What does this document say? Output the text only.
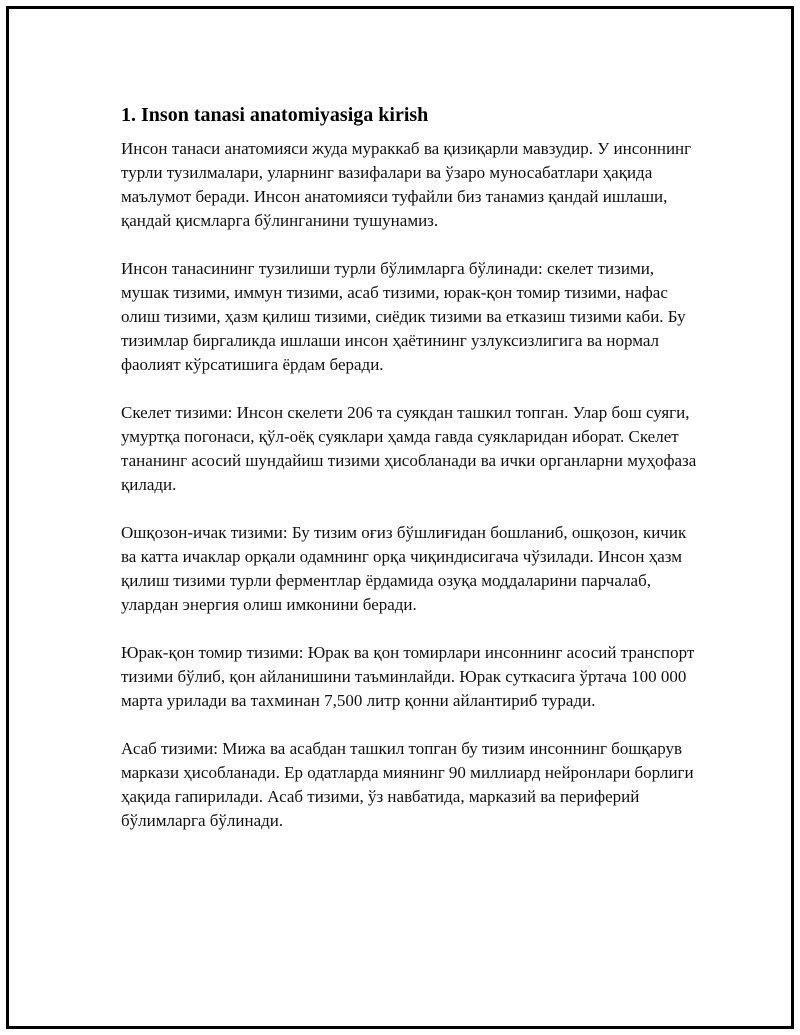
1. Inson tanasi anatomiyasiga kirish

Инсон танаси анатомияси жуда мураккаб ва қизиқарли мавзудир. У инсоннинг турли тузилмалари, уларнинг вазифалари ва ўзаро муносабатлари ҳақида маълумот беради. Инсон анатомияси туфайли биз танамиз қандай ишлаши, қандай қисмларга бўлинганини тушунамиз.

Инсон танасининг тузилиши турли бўлимларга бўлинади: скелет тизими, мушак тизими, иммун тизими, асаб тизими, юрак-қон томир тизими, нафас олиш тизими, ҳазм қилиш тизими, сиёдик тизими ва етказиш тизими каби. Бу тизимлар биргаликда ишлаши инсон ҳаётининг узлуксизлигига ва нормал фаолият кўрсатишига ёрдам беради.

Скелет тизими: Инсон скелети 206 та суякдан ташкил топган. Улар бош суяги, умуртқа погонаси, қўл-оёқ суяклари ҳамда гавда суякларидан иборат. Скелет тананинг асосий шундайиш тизими ҳисобланади ва ички органларни муҳофаза қилади.

Ошқозон-ичак тизими: Бу тизим оғиз бўшлиғидан бошланиб, ошқозон, кичик ва катта ичаклар орқали одамнинг орқа чиқиндисигача чўзилади. Инсон ҳазм қилиш тизими турли ферментлар ёрдамида озуқа моддаларини парчалаб, улардан энергия олиш имконини беради.

Юрак-қон томир тизими: Юрак ва қон томирлари инсоннинг асосий транспорт тизими бўлиб, қон айланишини таъминлайди. Юрак суткасига ўртача 100 000 марта урилади ва тахминан 7,500 литр қонни айлантириб туради.

Асаб тизими: Мижа ва асабдан ташкил топган бу тизим инсоннинг бошқарув маркази ҳисобланади. Ер одатларда миянинг 90 миллиард нейронлари борлиги ҳақида гапирилади. Асаб тизими, ўз навбатида, марказий ва периферий бўлимларга бўлинади.
